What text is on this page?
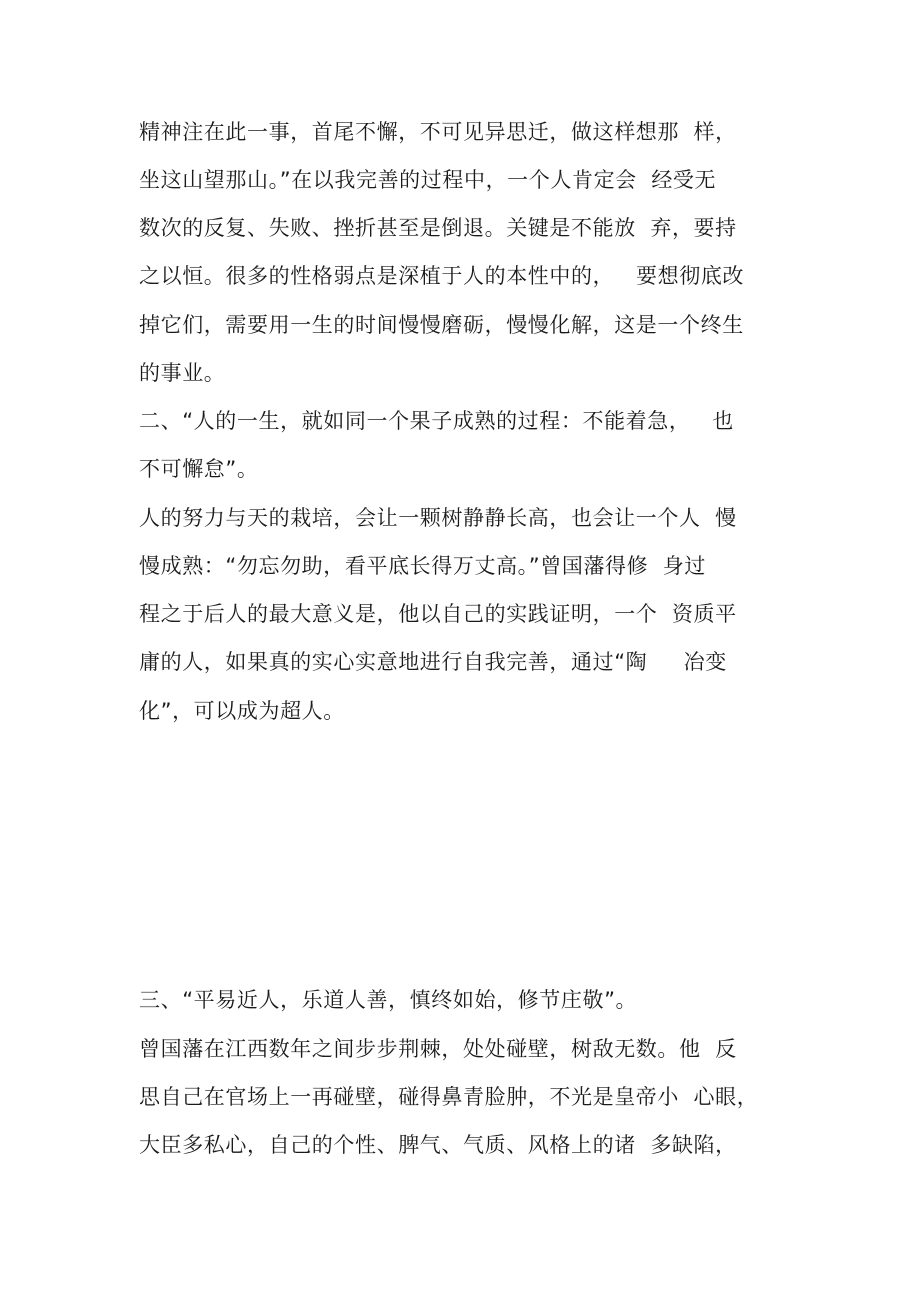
精神注在此一事，首尾不懈，不可见异思迁，做这样想那  样，
坐这山望那山。”在以我完善的过程中，一个人肯定会  经受无
数次的反复、失败、挫折甚至是倒退。关键是不能放  弃，要持
之以恒。很多的性格弱点是深植于人的本性中的，   要想彻底改
掉它们，需要用一生的时间慢慢磨砺，慢慢化解，这是一个终生
的事业。
二、“人的一生，就如同一个果子成熟的过程：不能着急，   也
不可懈怠”。
人的努力与天的栽培，会让一颗树静静长高，也会让一个人  慢
慢成熟：“勿忘勿助，看平底长得万丈高。”曾国藩得修  身过
程之于后人的最大意义是，他以自己的实践证明，一个  资质平
庸的人，如果真的实心实意地进行自我完善，通过“陶     冶变
化”，可以成为超人。
三、“平易近人，乐道人善，慎终如始，修节庄敬”。
曾国藩在江西数年之间步步荆棘，处处碰壁，树敌无数。他  反
思自己在官场上一再碰壁，碰得鼻青脸肿，不光是皇帝小  心眼，
大臣多私心，自己的个性、脾气、气质、风格上的诸  多缺陷，
